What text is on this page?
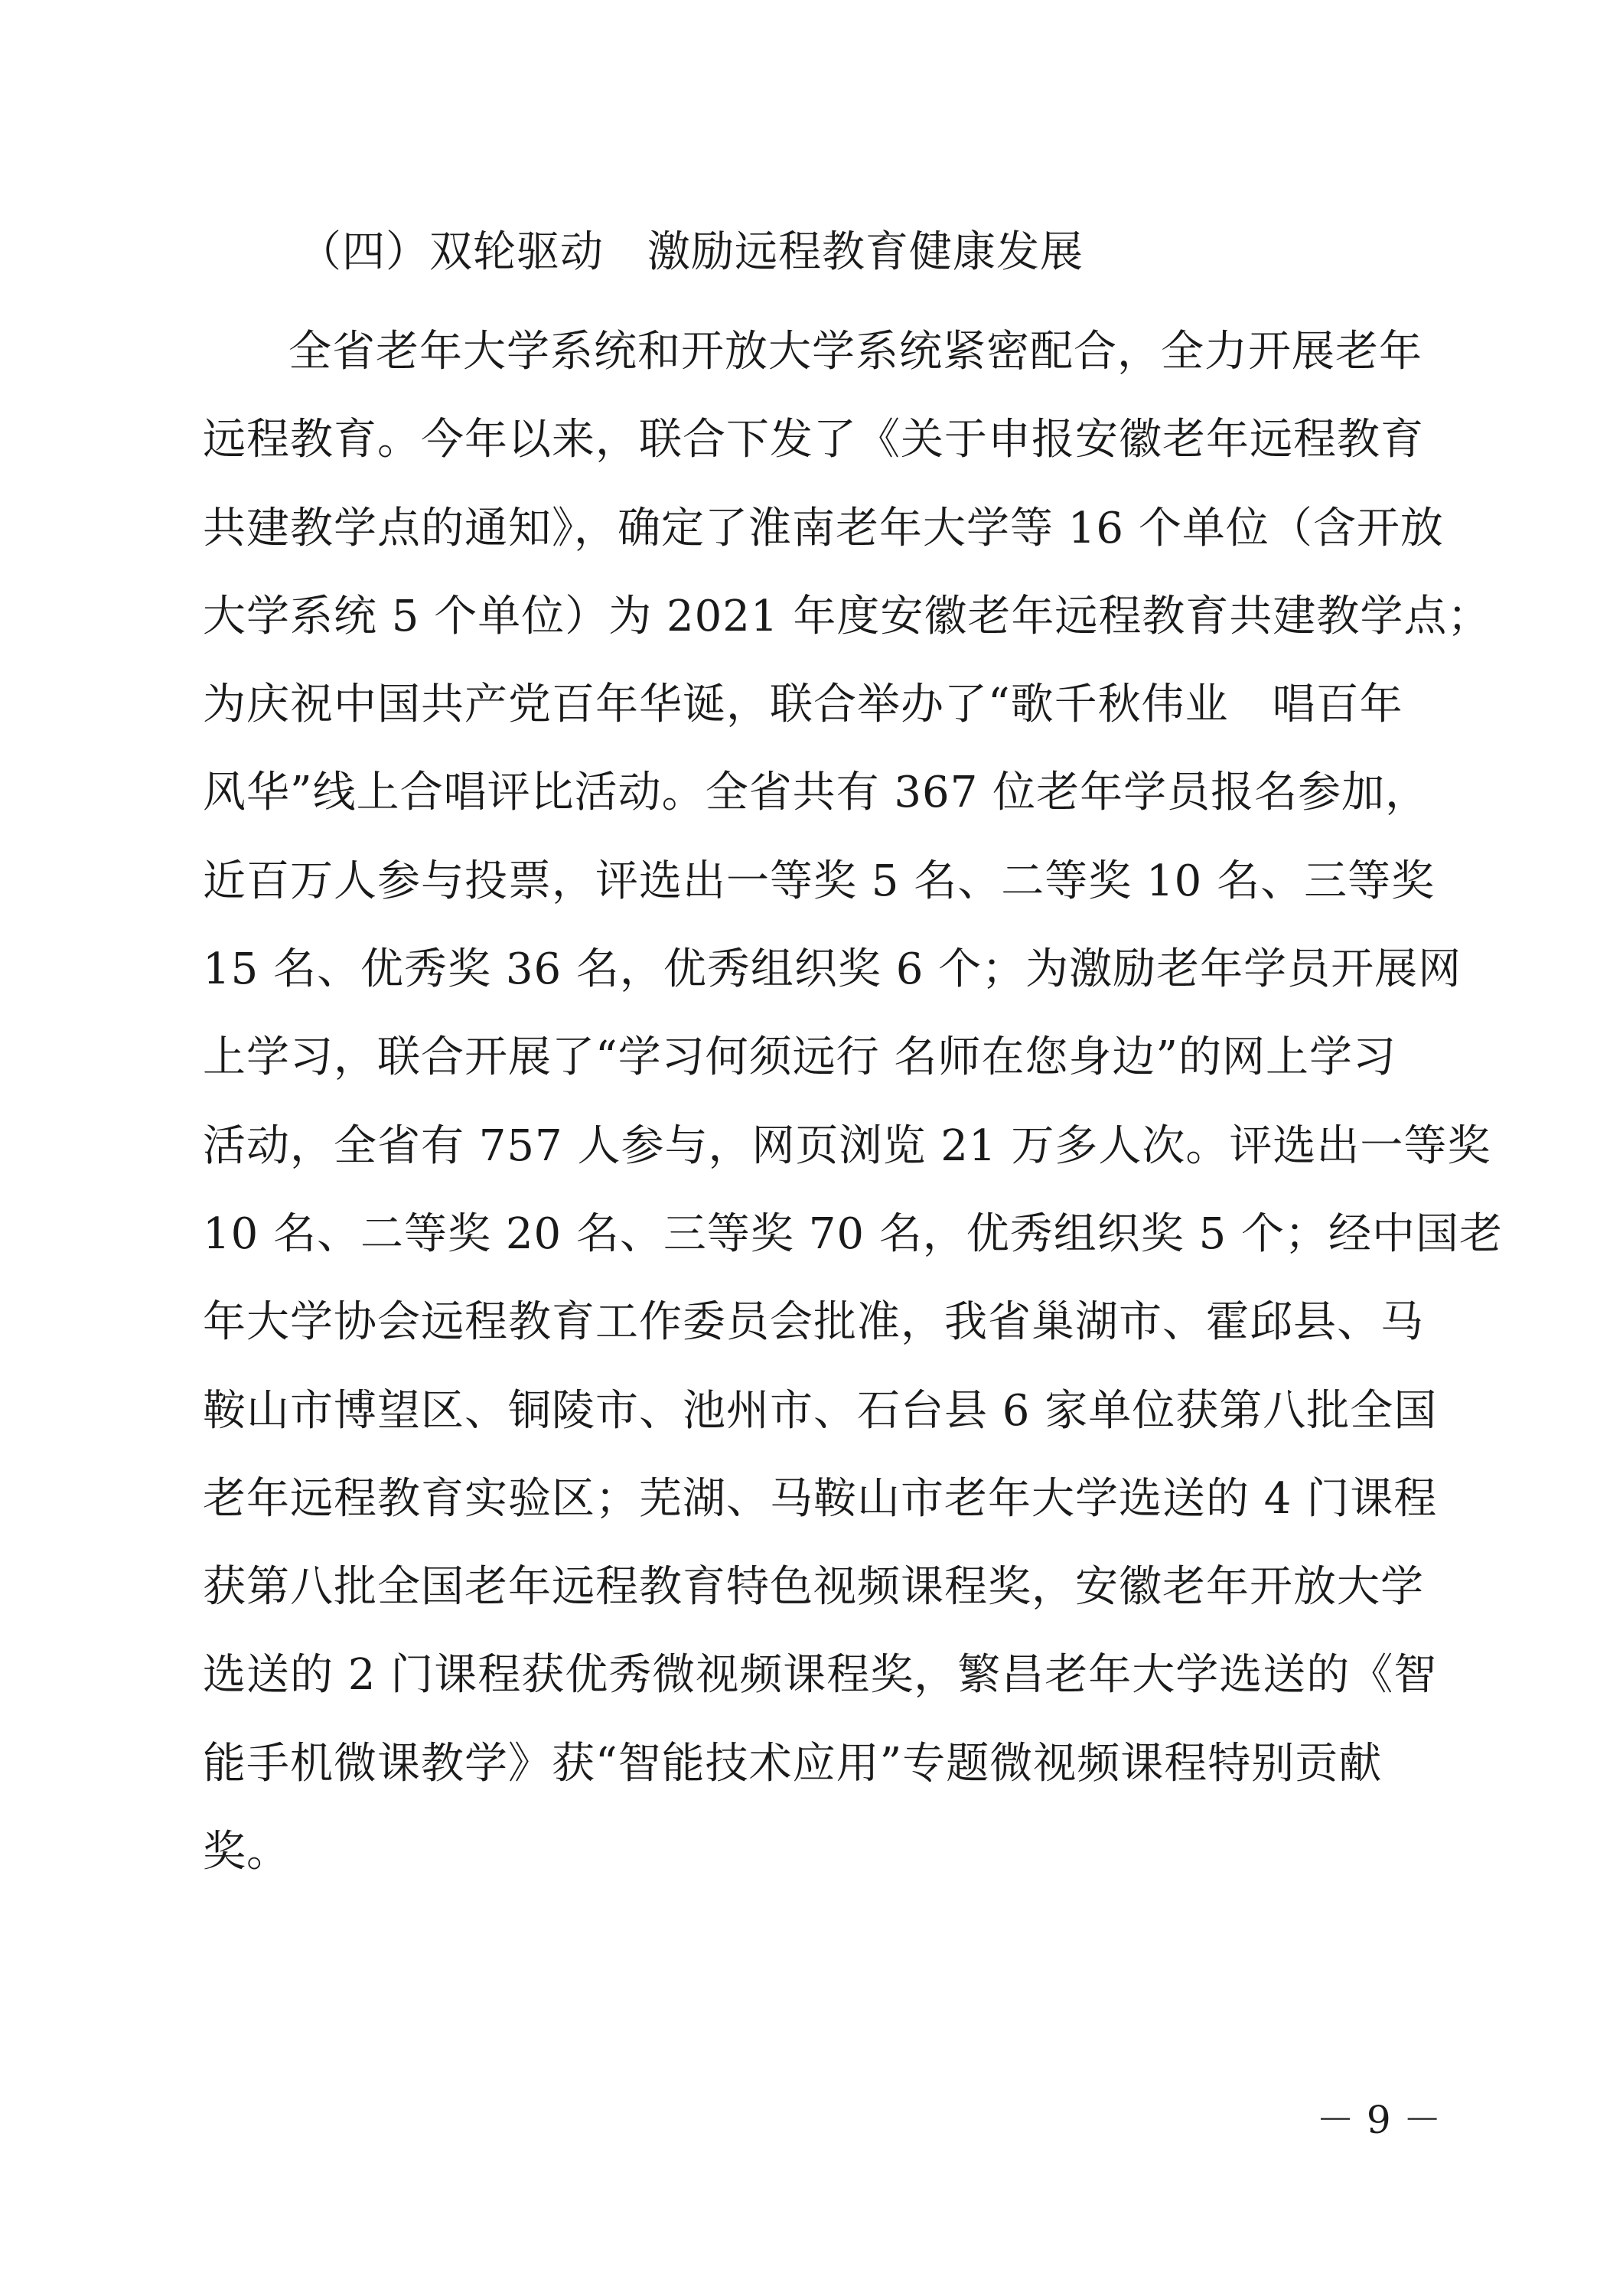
（四）双轮驱动　激励远程教育健康发展
全省老年大学系统和开放大学系统紧密配合，全力开展老年
远程教育。今年以来，联合下发了《关于申报安徽老年远程教育
共建教学点的通知》，确定了淮南老年大学等 16 个单位（含开放
大学系统 5 个单位）为 2021 年度安徽老年远程教育共建教学点；
为庆祝中国共产党百年华诞，联合举办了“歌千秋伟业　唱百年
风华”线上合唱评比活动。全省共有 367 位老年学员报名参加，
近百万人参与投票，评选出一等奖 5 名、二等奖 10 名、三等奖
15 名、优秀奖 36 名，优秀组织奖 6 个；为激励老年学员开展网
上学习，联合开展了“学习何须远行 名师在您身边”的网上学习
活动，全省有 757 人参与，网页浏览 21 万多人次。评选出一等奖
10 名、二等奖 20 名、三等奖 70 名，优秀组织奖 5 个；经中国老
年大学协会远程教育工作委员会批准，我省巢湖市、霍邱县、马
鞍山市博望区、铜陵市、池州市、石台县 6 家单位获第八批全国
老年远程教育实验区；芜湖、马鞍山市老年大学选送的 4 门课程
获第八批全国老年远程教育特色视频课程奖，安徽老年开放大学
选送的 2 门课程获优秀微视频课程奖，繁昌老年大学选送的《智
能手机微课教学》获“智能技术应用”专题微视频课程特别贡献
奖。
－ 9 －
